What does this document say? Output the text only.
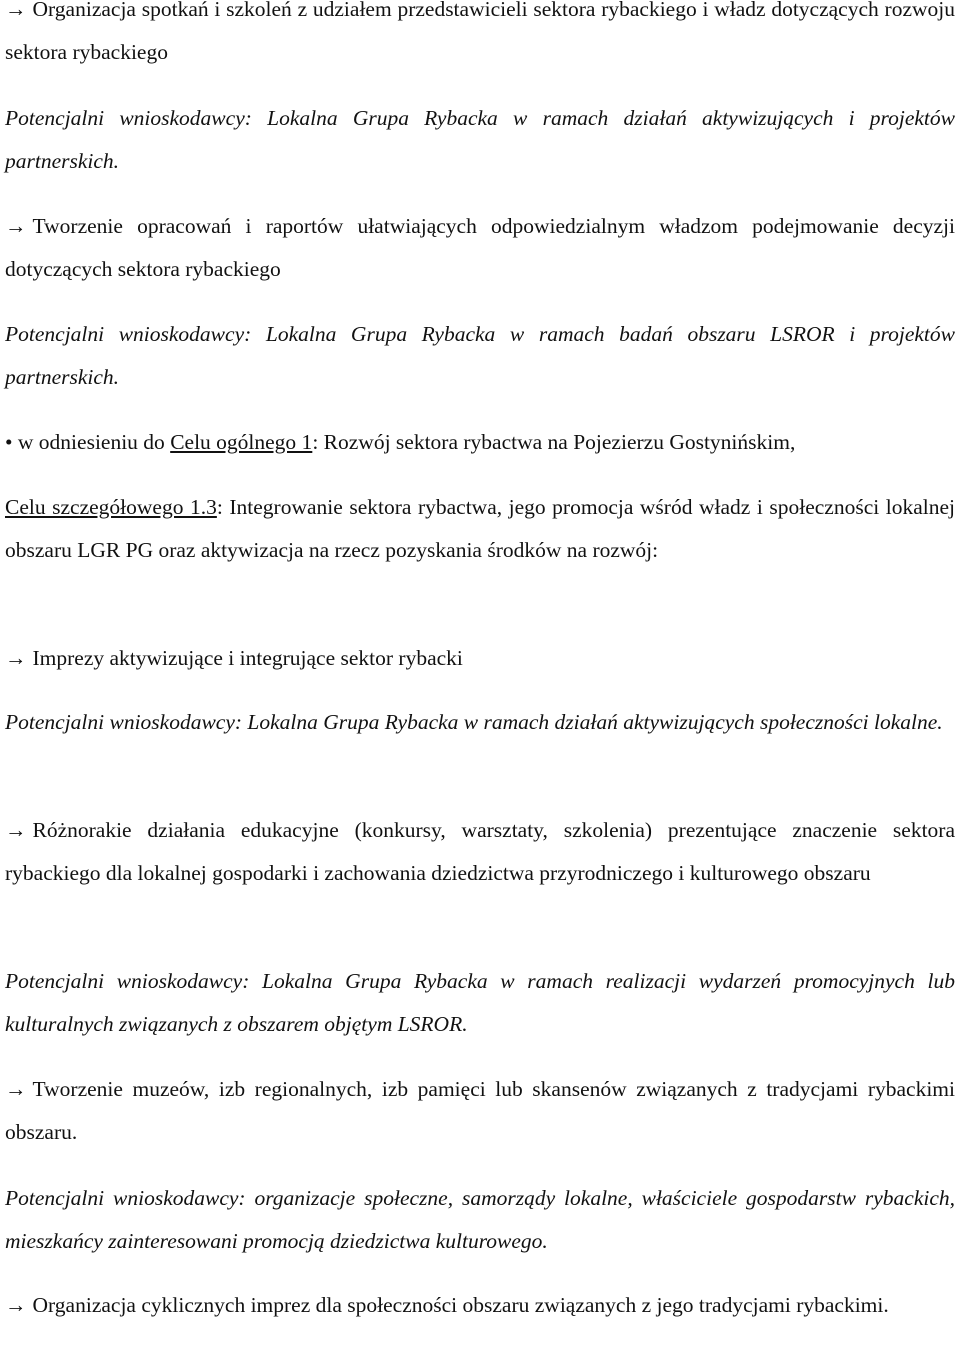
→ Organizacja spotkań i szkoleń z udziałem przedstawicieli sektora rybackiego i władz dotyczących rozwoju sektora rybackiego

Potencjalni wnioskodawcy: Lokalna Grupa Rybacka w ramach działań aktywizujących i projektów partnerskich.

→ Tworzenie opracowań i raportów ułatwiających odpowiedzialnym władzom podejmowanie decyzji dotyczących sektora rybackiego

Potencjalni wnioskodawcy: Lokalna Grupa Rybacka w ramach badań obszaru LSROR i projektów partnerskich.

• w odniesieniu do Celu ogólnego 1: Rozwój sektora rybactwa na Pojezierzu Gostynińskim,

Celu szczegółowego 1.3: Integrowanie sektora rybactwa, jego promocja wśród władz i społeczności lokalnej obszaru LGR PG oraz aktywizacja na rzecz pozyskania środków na rozwój:

→ Imprezy aktywizujące i integrujące sektor rybacki

Potencjalni wnioskodawcy: Lokalna Grupa Rybacka w ramach działań aktywizujących społeczności lokalne.

→ Różnorakie działania edukacyjne (konkursy, warsztaty, szkolenia) prezentujące znaczenie sektora rybackiego dla lokalnej gospodarki i zachowania dziedzictwa przyrodniczego i kulturowego obszaru

Potencjalni wnioskodawcy: Lokalna Grupa Rybacka w ramach realizacji wydarzeń promocyjnych lub kulturalnych związanych z obszarem objętym LSROR.

→ Tworzenie muzeów, izb regionalnych, izb pamięci lub skansenów związanych z tradycjami rybackimi obszaru.

Potencjalni wnioskodawcy: organizacje społeczne, samorządy lokalne, właściciele gospodarstw rybackich, mieszkańcy zainteresowani promocją dziedzictwa kulturowego.

→ Organizacja cyklicznych imprez dla społeczności obszaru związanych z jego tradycjami rybackimi.
